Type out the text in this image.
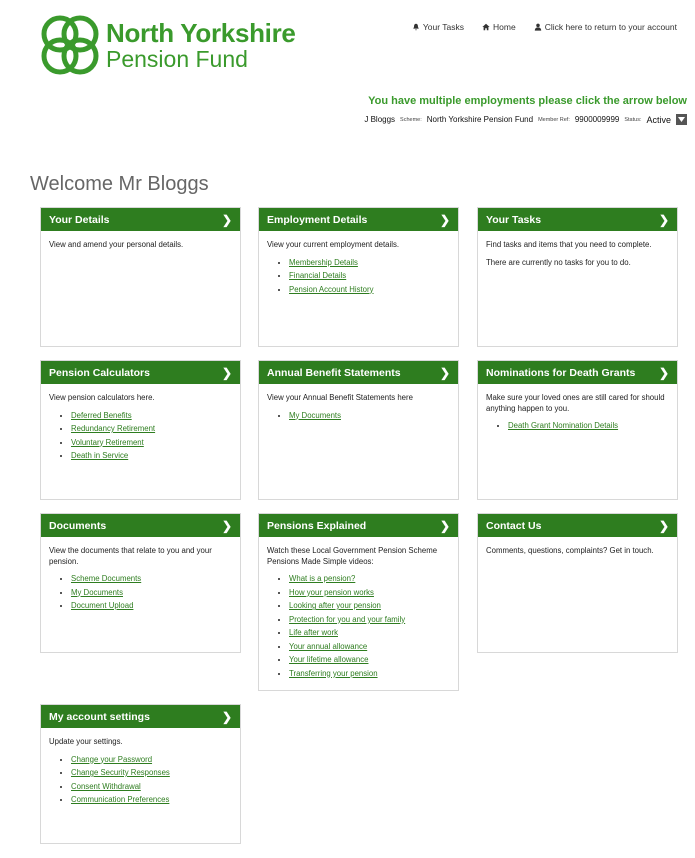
North Yorkshire
Pension Fund
Your Tasks	Home	Click here to return to your account
You have multiple employments please click the arrow below
J Bloggs Scheme: North Yorkshire Pension Fund Member Ref: 9900009999 Status: Active
Welcome Mr Bloggs
Your Details	❯

View and amend your personal details.

Employment Details	❯

View your current employment details.

• Membership Details
• Financial Details
• Pension Account History
Your Tasks	❯

Find tasks and items that you need to complete.

There are currently no tasks for you to do.

Pension Calculators	❯

View pension calculators here.

• Deferred Benefits
• Redundancy Retirement
• Voluntary Retirement
• Death in Service
Annual Benefit Statements	❯

View your Annual Benefit Statements here

• My Documents
Nominations for Death Grants ❯

Make sure your loved ones are still cared for should anything happen to you.

• Death Grant Nomination Details
Documents	❯

View the documents that relate to you and your pension.

• Scheme Documents
• My Documents
• Document Upload
Pensions Explained	❯

Watch these Local Government Pension Scheme Pensions Made Simple videos:

• What is a pension?
• How your pension works
• Looking after your pension
• Protection for you and your family
• Life after work
• Your annual allowance
• Your lifetime allowance
• Transferring your pension
Contact Us	❯

Comments, questions, complaints? Get in touch.

My account settings	❯

Update your settings.

• Change your Password
• Change Security Responses
• Consent Withdrawal
• Communication Preferences
